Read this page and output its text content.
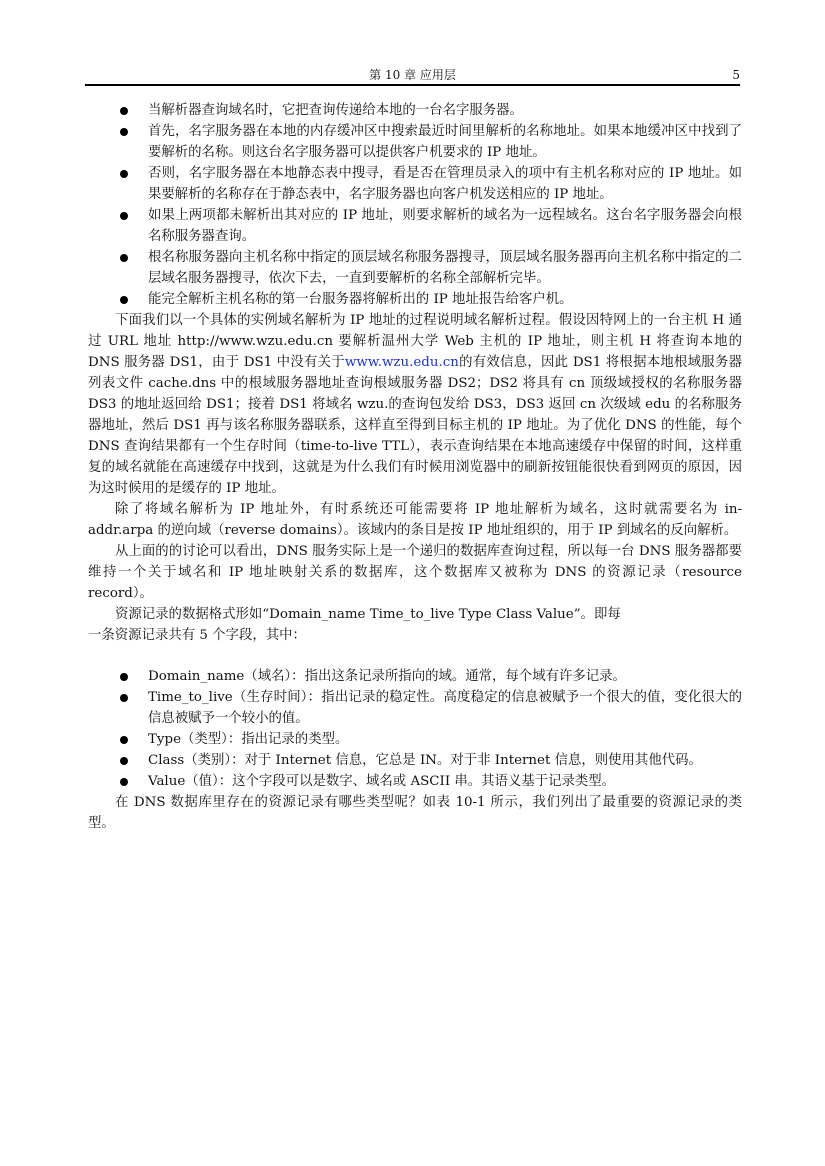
第 10 章 应用层	5

当解析器查询域名时，它把查询传递给本地的一台名字服务器。

首先，名字服务器在本地的内存缓冲区中搜索最近时间里解析的名称地址。如果本地缓冲区中找到了要解析的名称。则这台名字服务器可以提供客户机要求的 IP 地址。

否则，名字服务器在本地静态表中搜寻，看是否在管理员录入的项中有主机名称对应的 IP 地址。如果要解析的名称存在于静态表中，名字服务器也向客户机发送相应的 IP 地址。

如果上两项都未解析出其对应的 IP 地址，则要求解析的域名为一远程域名。这台名字服务器会向根名称服务器查询。

根名称服务器向主机名称中指定的顶层域名称服务器搜寻，顶层域名服务器再向主机名称中指定的二层域名服务器搜寻，依次下去，一直到要解析的名称全部解析完毕。

能完全解析主机名称的第一台服务器将解析出的 IP 地址报告给客户机。

下面我们以一个具体的实例域名解析为 IP 地址的过程说明域名解析过程。假设因特网上的一台主机 H 通过 URL 地址 http://www.wzu.edu.cn 要解析温州大学 Web 主机的 IP 地址，则主机 H 将查询本地的 DNS 服务器 DS1，由于 DS1 中没有关于www.wzu.edu.cn的有效信息，因此 DS1 将根据本地根域服务器列表文件 cache.dns 中的根域服务器地址查询根域服务器 DS2；DS2 将具有 cn 顶级域授权的名称服务器 DS3 的地址返回给 DS1；接着 DS1 将域名 wzu.的查询包发给 DS3，DS3 返回 cn 次级域 edu 的名称服务器地址，然后 DS1 再与该名称服务器联系，这样直至得到目标主机的 IP 地址。为了优化 DNS 的性能，每个 DNS 查询结果都有一个生存时间（time-to-live TTL），表示查询结果在本地高速缓存中保留的时间，这样重复的域名就能在高速缓存中找到，这就是为什么我们有时候用浏览器中的刷新按钮能很快看到网页的原因，因为这时候用的是缓存的 IP 地址。

除了将域名解析为 IP 地址外，有时系统还可能需要将 IP 地址解析为域名，这时就需要名为 in-addr.arpa 的逆向域（reverse domains）。该域内的条目是按 IP 地址组织的，用于 IP 到域名的反向解析。

从上面的的讨论可以看出，DNS 服务实际上是一个递归的数据库查询过程，所以每一台 DNS 服务器都要维持一个关于域名和 IP 地址映射关系的数据库，这个数据库又被称为 DNS 的资源记录（resource record）。

资源记录的数据格式形如“Domain_name Time_to_live Type Class Value”。即每
一条资源记录共有 5 个字段，其中：

Domain_name（域名）：指出这条记录所指向的域。通常，每个域有许多记录。

Time_to_live（生存时间）：指出记录的稳定性。高度稳定的信息被赋予一个很大的值，变化很大的信息被赋予一个较小的值。

Type（类型）：指出记录的类型。

Class（类别）：对于 Internet 信息，它总是 IN。对于非 Internet 信息，则使用其他代码。

Value（值）：这个字段可以是数字、域名或 ASCII 串。其语义基于记录类型。

在 DNS 数据库里存在的资源记录有哪些类型呢？如表 10-1 所示，我们列出了最重要的资源记录的类型。
